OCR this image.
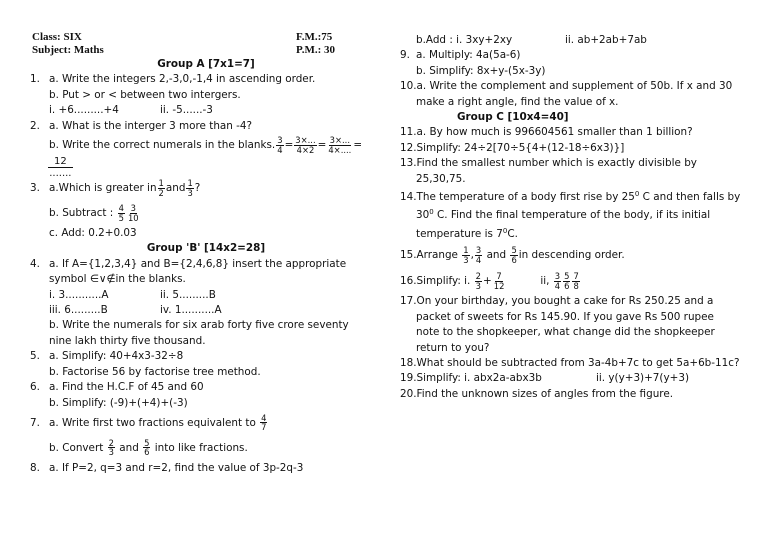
Class: SIX	F.M.:75
Subject: Maths	P.M.: 30
Group A [7x1=7]
1. a. Write the integers 2,-3,0,-1,4 in ascending order.
b. Put > or < between two intergers.
i. +6.........+4	ii. -5......-3
2. a. What is the interger 3 more than -4?
b. Write the correct numerals in the blanks. $\frac{3}{4} = \frac{3\times...}{4\times 2} = \frac{3\times...}{4\times....}$ =
$\frac{12}{.......}$
3. a.Which is greater in $\frac{1}{2}$ and $\frac{1}{3}$ ?
b. Subtract : $\frac{4}{5} \frac{3}{10}$
c. Add: 0.2+0.03
Group 'B' [14x2=28]
4. a. If A={1,2,3,4} and B={2,4,6,8} insert the appropriate
symbol ∈∨∉in the blanks.
i. 3...........A	ii. 5.........B
iii. 6.........B	iv. 1..........A
b. Write the numerals for six arab forty five crore seventy
nine lakh thirty five thousand.
5. a. Simplify: 40+4x3-32÷8
b. Factorise 56 by factorise tree method.
6. a. Find the H.C.F of 45 and 60
b. Simplify: (-9)+(+4)+(-3)
7. a. Write first two fractions equivalent to $\frac{4}{7}$
b. Convert $\frac{2}{3}$ and $\frac{5}{6}$ into like fractions.
8. a. If P=2, q=3 and r=2, find the value of 3p-2q-3
b.Add : i. 3xy+2xy	ii. ab+2ab+7ab
9. a. Multiply: 4a(5a-6)
b. Simplify: 8x+y-(5x-3y)
10.a. Write the complement and supplement of 50b. If x and 30
make a right angle, find the value of x.
Group C [10x4=40]
11.a. By how much is 996604561 smaller than 1 billion?
12.Simplify: 24÷2[70÷5{4+(12-18÷6x3)}]
13.Find the smallest number which is exactly divisible by
25,30,75.
14.The temperature of a body first rise by $25^0$ C and then falls by
$30^0$ C. Find the final temperature of the body, if its initial
temperature is $7^0C$.
15.Arrange $\frac{1}{3}$ , $\frac{3}{4}$ and $\frac{5}{6}$ in descending order.
16.Simplify: i. $\frac{2}{3} + \frac{7}{12}$	ii, $\frac{3}{4} \frac{5}{6} \frac{7}{8}$
17.On your birthday, you bought a cake for Rs 250.25 and a
packet of sweets for Rs 145.90. If you gave Rs 500 rupee
note to the shopkeeper, what change did the shopkeeper
return to you?
18.What should be subtracted from 3a-4b+7c to get 5a+6b-11c?
19.Simplify: i. abx2a-abx3b	ii. y(y+3)+7(y+3)
20.Find the unknown sizes of angles from the figure.
